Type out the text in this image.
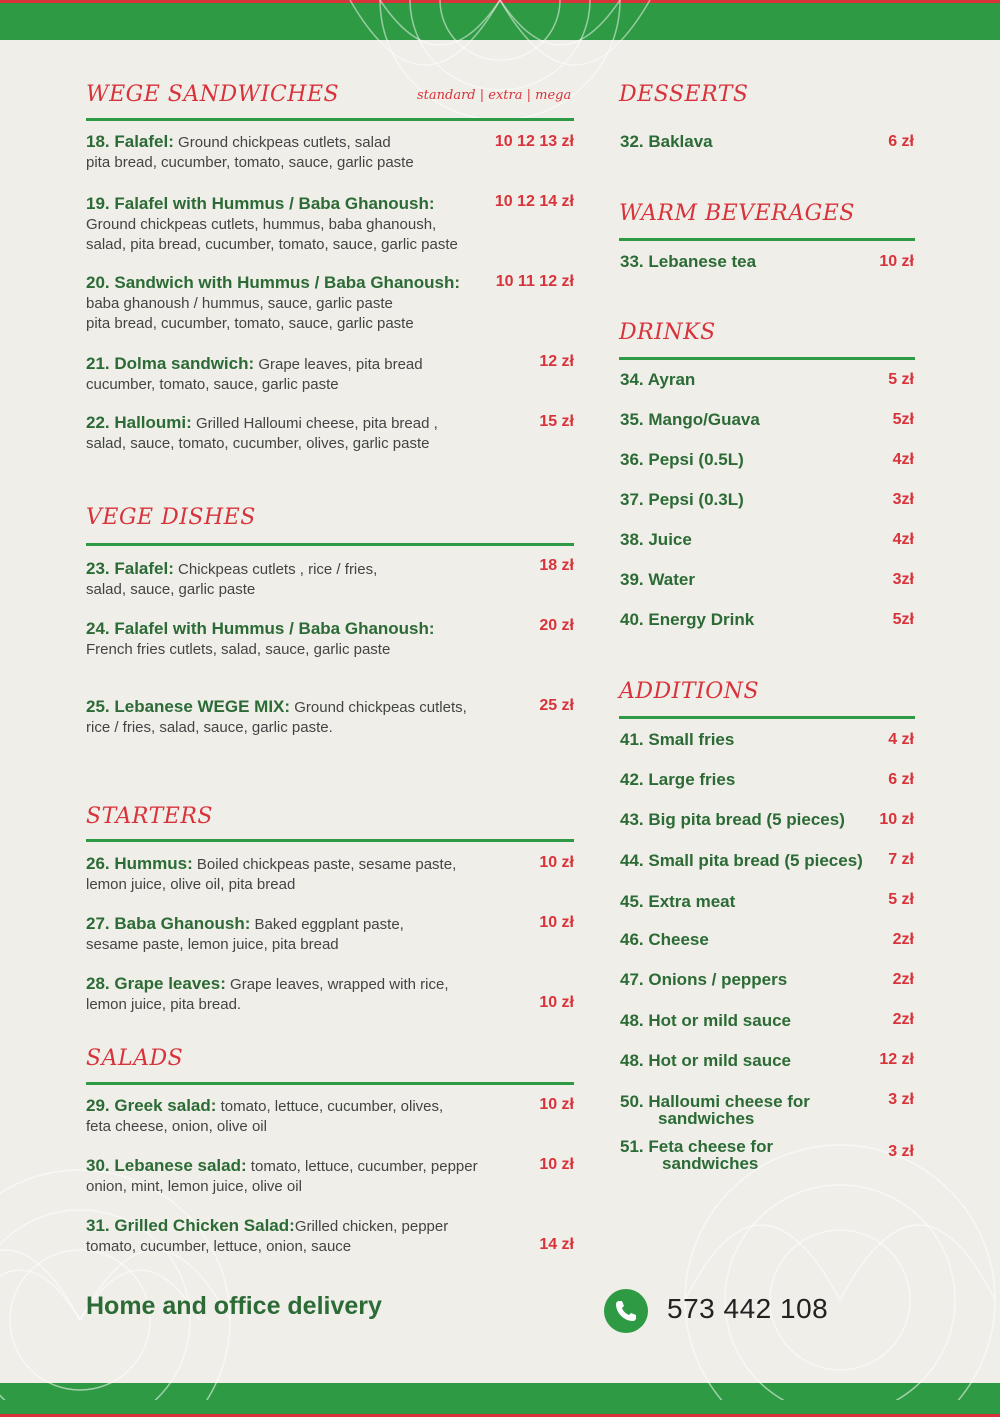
WEGE SANDWICHES	standard | extra | mega
18. Falafel: Ground chickpeas cutlets, salad
pita bread, cucumber, tomato, sauce, garlic paste
10 12 13 zł
19. Falafel with Hummus / Baba Ghanoush:
Ground chickpeas cutlets, hummus, baba ghanoush,
salad, pita bread, cucumber, tomato, sauce, garlic paste
10 12 14 zł
20. Sandwich with Hummus / Baba Ghanoush:
baba ghanoush / hummus, sauce, garlic paste
pita bread, cucumber, tomato, sauce, garlic paste
10 11 12 zł
21. Dolma sandwich: Grape leaves, pita bread
cucumber, tomato, sauce, garlic paste
12 zł
22. Halloumi: Grilled Halloumi cheese, pita bread ,
salad, sauce, tomato, cucumber, olives, garlic paste
15 zł
VEGE DISHES
23. Falafel: Chickpeas cutlets , rice / fries,
salad, sauce, garlic paste
18 zł
24. Falafel with Hummus / Baba Ghanoush:
French fries cutlets, salad, sauce, garlic paste
20 zł
25. Lebanese WEGE MIX: Ground chickpeas cutlets,
rice / fries, salad, sauce, garlic paste.
25 zł
STARTERS
26. Hummus: Boiled chickpeas paste, sesame paste,
lemon juice, olive oil, pita bread
10 zł
27. Baba Ghanoush: Baked eggplant paste,
sesame paste, lemon juice, pita bread
10 zł
28. Grape leaves: Grape leaves, wrapped with rice,
lemon juice, pita bread.	10 zł
SALADS
29. Greek salad: tomato, lettuce, cucumber, olives,
feta cheese, onion, olive oil
10 zł
30. Lebanese salad: tomato, lettuce, cucumber, pepper
onion, mint, lemon juice, olive oil
10 zł
31. Grilled Chicken Salad:Grilled chicken, pepper
tomato, cucumber, lettuce, onion, sauce	14 zł
DESSERTS
32. Baklava	6 zł
WARM BEVERAGES
33. Lebanese tea	10 zł
DRINKS
34. Ayran	5 zł
35. Mango/Guava	5zł
36. Pepsi (0.5L)	4zł
37. Pepsi (0.3L)	3zł
38. Juice	4zł
39. Water	3zł
40. Energy Drink	5zł
ADDITIONS
41. Small fries	4 zł
42. Large fries	6 zł
43. Big pita bread (5 pieces) 10 zł
44. Small pita bread (5 pieces) 7 zł
45. Extra meat	5 zł
46. Cheese	2zł
47. Onions / peppers	2zł
48. Hot or mild sauce	2zł
48. Hot or mild sauce	12 zł
50. Halloumi cheese for
sandwiches
3 zł
51. Feta cheese for
sandwiches
3 zł
Home and office delivery	573 442 108
